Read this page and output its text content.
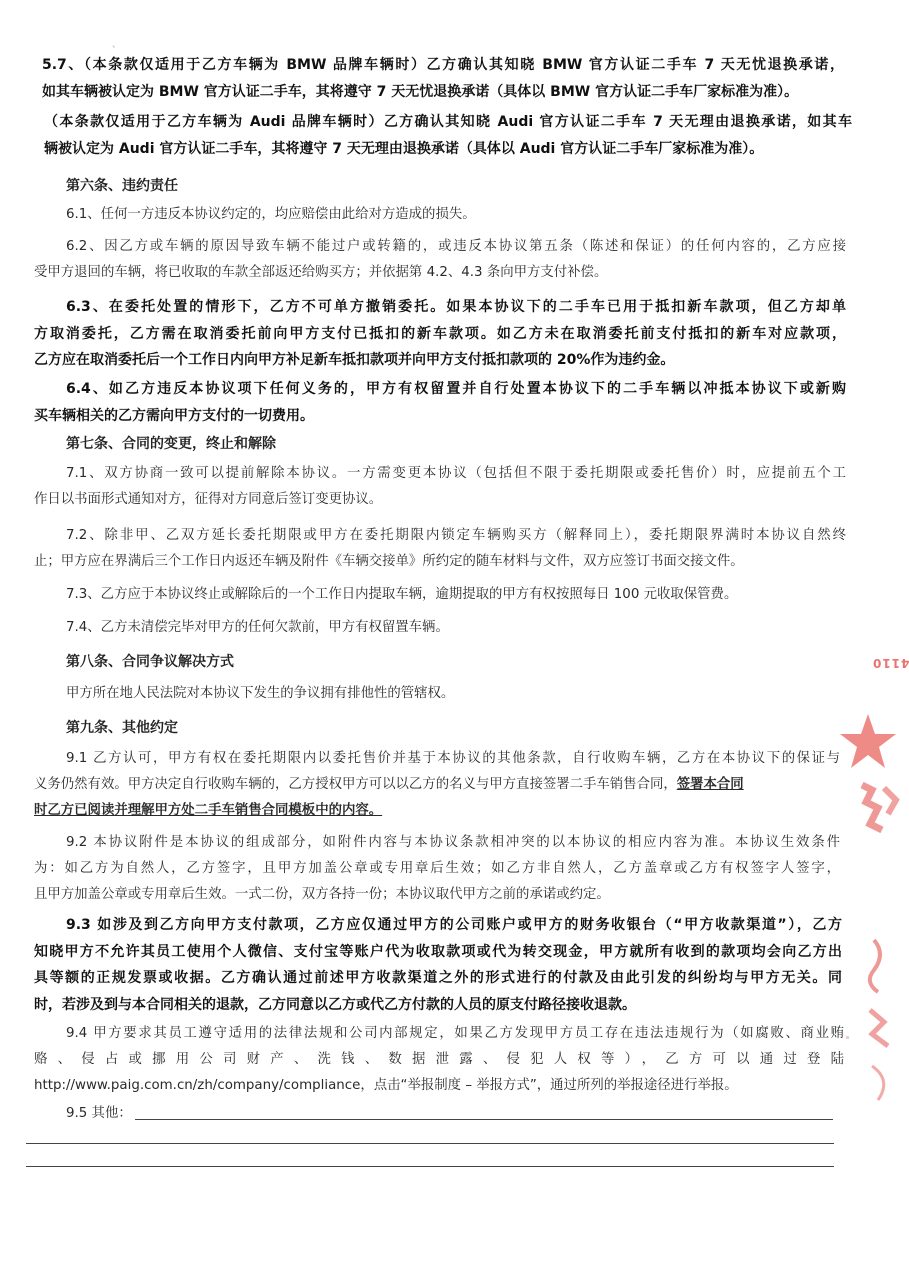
5.7、（本条款仅适用于乙方车辆为 BMW 品牌车辆时）乙方确认其知晓 BMW 官方认证二手车 7 天无忧退换承诺，
如其车辆被认定为 BMW 官方认证二手车，其将遵守 7 天无忧退换承诺（具体以 BMW 官方认证二手车厂家标准为准）。
（本条款仅适用于乙方车辆为 Audi 品牌车辆时）乙方确认其知晓 Audi 官方认证二手车 7 天无理由退换承诺，如其车
辆被认定为 Audi 官方认证二手车，其将遵守 7 天无理由退换承诺（具体以 Audi 官方认证二手车厂家标准为准）。
第六条、违约责任
6.1、任何一方违反本协议约定的，均应赔偿由此给对方造成的损失。
6.2、因乙方或车辆的原因导致车辆不能过户或转籍的，或违反本协议第五条（陈述和保证）的任何内容的，乙方应接
受甲方退回的车辆，将已收取的车款全部返还给购买方；并依据第 4.2、4.3 条向甲方支付补偿。
6.3、在委托处置的情形下，乙方不可单方撤销委托。如果本协议下的二手车已用于抵扣新车款项，但乙方却单
方取消委托，乙方需在取消委托前向甲方支付已抵扣的新车款项。如乙方未在取消委托前支付抵扣的新车对应款项，
乙方应在取消委托后一个工作日内向甲方补足新车抵扣款项并向甲方支付抵扣款项的 20%作为违约金。
6.4、如乙方违反本协议项下任何义务的，甲方有权留置并自行处置本协议下的二手车辆以冲抵本协议下或新购
买车辆相关的乙方需向甲方支付的一切费用。
第七条、合同的变更，终止和解除
7.1、双方协商一致可以提前解除本协议。一方需变更本协议（包括但不限于委托期限或委托售价）时，应提前五个工
作日以书面形式通知对方，征得对方同意后签订变更协议。
7.2、除非甲、乙双方延长委托期限或甲方在委托期限内锁定车辆购买方（解释同上），委托期限界满时本协议自然终
止；甲方应在界满后三个工作日内返还车辆及附件《车辆交接单》所约定的随车材料与文件，双方应签订书面交接文件。
7.3、乙方应于本协议终止或解除后的一个工作日内提取车辆，逾期提取的甲方有权按照每日 100 元收取保管费。
7.4、乙方未清偿完毕对甲方的任何欠款前，甲方有权留置车辆。
第八条、合同争议解决方式
甲方所在地人民法院对本协议下发生的争议拥有排他性的管辖权。
第九条、其他约定
9.1 乙方认可，甲方有权在委托期限内以委托售价并基于本协议的其他条款，自行收购车辆，乙方在本协议下的保证与
义务仍然有效。甲方决定自行收购车辆的，乙方授权甲方可以以乙方的名义与甲方直接签署二手车销售合同，签署本合同
时乙方已阅读并理解甲方处二手车销售合同模板中的内容。
9.2 本协议附件是本协议的组成部分，如附件内容与本协议条款相冲突的以本协议的相应内容为准。本协议生效条件
为：如乙方为自然人，乙方签字，且甲方加盖公章或专用章后生效；如乙方非自然人，乙方盖章或乙方有权签字人签字，
且甲方加盖公章或专用章后生效。一式二份，双方各持一份；本协议取代甲方之前的承诺或约定。
9.3 如涉及到乙方向甲方支付款项，乙方应仅通过甲方的公司账户或甲方的财务收银台（“甲方收款渠道”），乙方
知晓甲方不允许其员工使用个人微信、支付宝等账户代为收取款项或代为转交现金，甲方就所有收到的款项均会向乙方出
具等额的正规发票或收据。乙方确认通过前述甲方收款渠道之外的形式进行的付款及由此引发的纠纷均与甲方无关。同
时，若涉及到与本合同相关的退款，乙方同意以乙方或代乙方付款的人员的原支付路径接收退款。
9.4 甲方要求其员工遵守适用的法律法规和公司内部规定，如果乙方发现甲方员工存在违法违规行为（如腐败、商业贿
赂、侵占或挪用公司财产、洗钱、数据泄露、侵犯人权等），乙方可以通过登陆
http://www.paig.com.cn/zh/company/compliance，点击“举报制度 – 举报方式”，通过所列的举报途径进行举报。
9.5 其他：
4110
`
